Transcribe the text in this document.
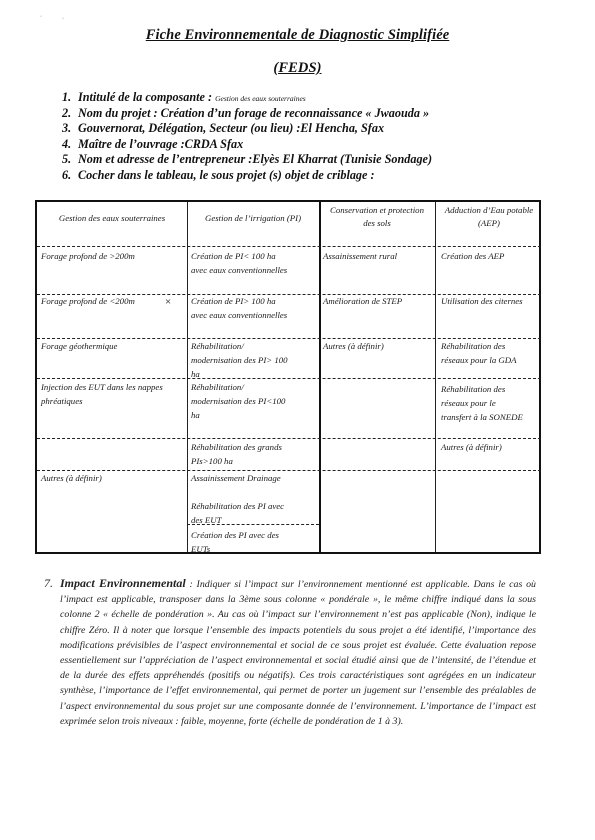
·	·
Fiche Environnementale de Diagnostic Simplifiée
(FEDS)
1. Intitulé de la composante : Gestion des eaux souterraines
2. Nom du projet : Création d’un forage de reconnaissance « Jwaouda »
3. Gouvernorat, Délégation, Secteur (ou lieu) :El Hencha, Sfax
4. Maître de l’ouvrage :CRDA Sfax
5. Nom et adresse de l’entrepreneur :Elyès El Kharrat (Tunisie Sondage)
6. Cocher dans le tableau, le sous projet (s) objet de criblage :
Gestion des eaux souterraines	Gestion de l’irrigation (PI)
Conservation et protection des sols
Adduction d’Eau potable (AEP)
Forage profond de >200m
Forage profond de <200m
Forage géothermique
Injection des EUT dans les nappes phréatiques
Autres (à définir)
×
Création de PI< 100 ha avec eaux conventionnelles
Création de PI> 100 ha avec eaux conventionnelles
Réhabilitation/ modernisation des PI> 100 ha
Réhabilitation/ modernisation des PI<100 ha
Réhabilitation des grands PIs>100 ha
Assainissement Drainage
Réhabilitation des PI avec des EUT
Création des PI avec des EUTs
Assainissement rural
Amélioration de STEP
Autres (à définir)
Création des AEP
Utilisation des citernes
Réhabilitation des réseaux pour la GDA
Réhabilitation des réseaux pour le transfert à la SONEDE
Autres (à définir)
7. Impact Environnemental : Indiquer si l’impact sur l’environnement mentionné est applicable. Dans le cas où l’impact est applicable, transposer dans la 3ème sous colonne « pondérale », le même chiffre indiqué dans la sous colonne 2 « échelle de pondération ». Au cas où l’impact sur l’environnement n’est pas applicable (Non), indique le chiffre Zéro. Il à noter que lorsque l’ensemble des impacts potentiels du sous projet a été identifié, l’importance des modifications prévisibles de l’aspect environnemental et social de ce sous projet est évaluée. Cette évaluation repose essentiellement sur l’appréciation de l’aspect environnemental et social étudié ainsi que de l’intensité, de l’étendue et de la durée des effets appréhendés (positifs ou négatifs). Ces trois caractéristiques sont agrégées en un indicateur synthèse, l’importance de l’effet environnemental, qui permet de porter un jugement sur l’ensemble des préalables de l’aspect environnemental du sous projet sur une composante donnée de l’environnement. L’importance de l’impact est exprimée selon trois niveaux : faible, moyenne, forte (échelle de pondération de 1 à 3).
